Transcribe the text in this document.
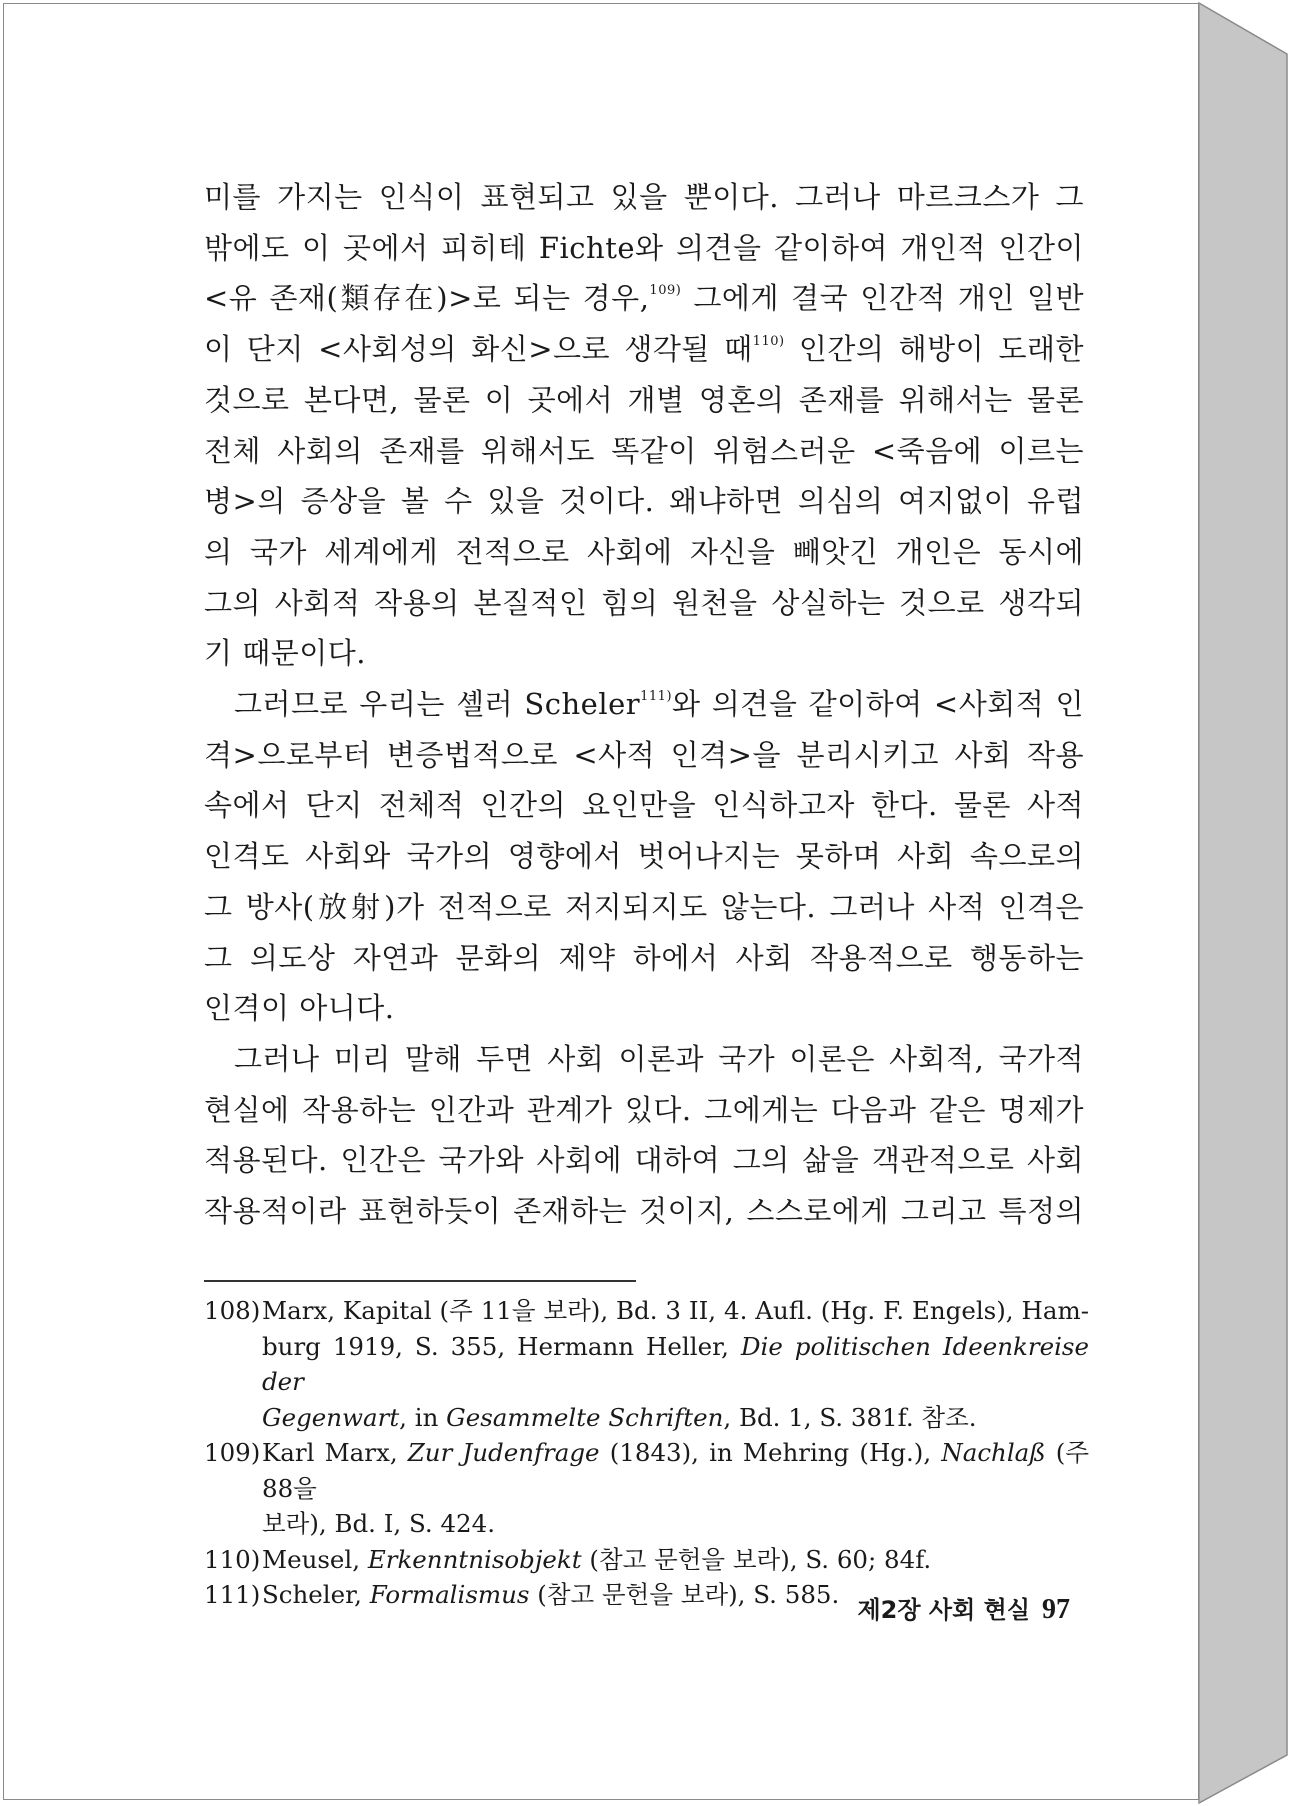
미를 가지는 인식이 표현되고 있을 뿐이다. 그러나 마르크스가 그
밖에도 이 곳에서 피히테 Fichte와 의견을 같이하여 개인적 인간이
<유 존재(類存在)>로 되는 경우,$^{109)}$ 그에게 결국 인간적 개인 일반
이 단지 <사회성의 화신>으로 생각될 때$^{110)}$ 인간의 해방이 도래한
것으로 본다면, 물론 이 곳에서 개별 영혼의 존재를 위해서는 물론
전체 사회의 존재를 위해서도 똑같이 위험스러운 <죽음에 이르는
병>의 증상을 볼 수 있을 것이다. 왜냐하면 의심의 여지없이 유럽
의 국가 세계에게 전적으로 사회에 자신을 빼앗긴 개인은 동시에
그의 사회적 작용의 본질적인 힘의 원천을 상실하는 것으로 생각되
기 때문이다.
그러므로 우리는 셸러 Scheler$^{111)}$와 의견을 같이하여 <사회적 인
격>으로부터 변증법적으로 <사적 인격>을 분리시키고 사회 작용
속에서 단지 전체적 인간의 요인만을 인식하고자 한다. 물론 사적
인격도 사회와 국가의 영향에서 벗어나지는 못하며 사회 속으로의
그 방사(放射)가 전적으로 저지되지도 않는다. 그러나 사적 인격은
그 의도상 자연과 문화의 제약 하에서 사회 작용적으로 행동하는
인격이 아니다.
그러나 미리 말해 두면 사회 이론과 국가 이론은 사회적, 국가적
현실에 작용하는 인간과 관계가 있다. 그에게는 다음과 같은 명제가
적용된다. 인간은 국가와 사회에 대하여 그의 삶을 객관적으로 사회
작용적이라 표현하듯이 존재하는 것이지, 스스로에게 그리고 특정의
108) Marx, Kapital (주 11을 보라), Bd. 3 II, 4. Aufl. (Hg. F. Engels), Ham-
burg 1919, S. 355, Hermann Heller, Die politischen Ideenkreise der
Gegenwart, in Gesammelte Schriften, Bd. 1, S. 381f. 참조.
109) Karl Marx, Zur Judenfrage (1843), in Mehring (Hg.), Nachlaß (주 88을
보라), Bd. I, S. 424.
110) Meusel, Erkenntnisobjekt (참고 문헌을 보라), S. 60; 84f.
111) Scheler, Formalismus (참고 문헌을 보라), S. 585.
제2장 사회 현실 97
